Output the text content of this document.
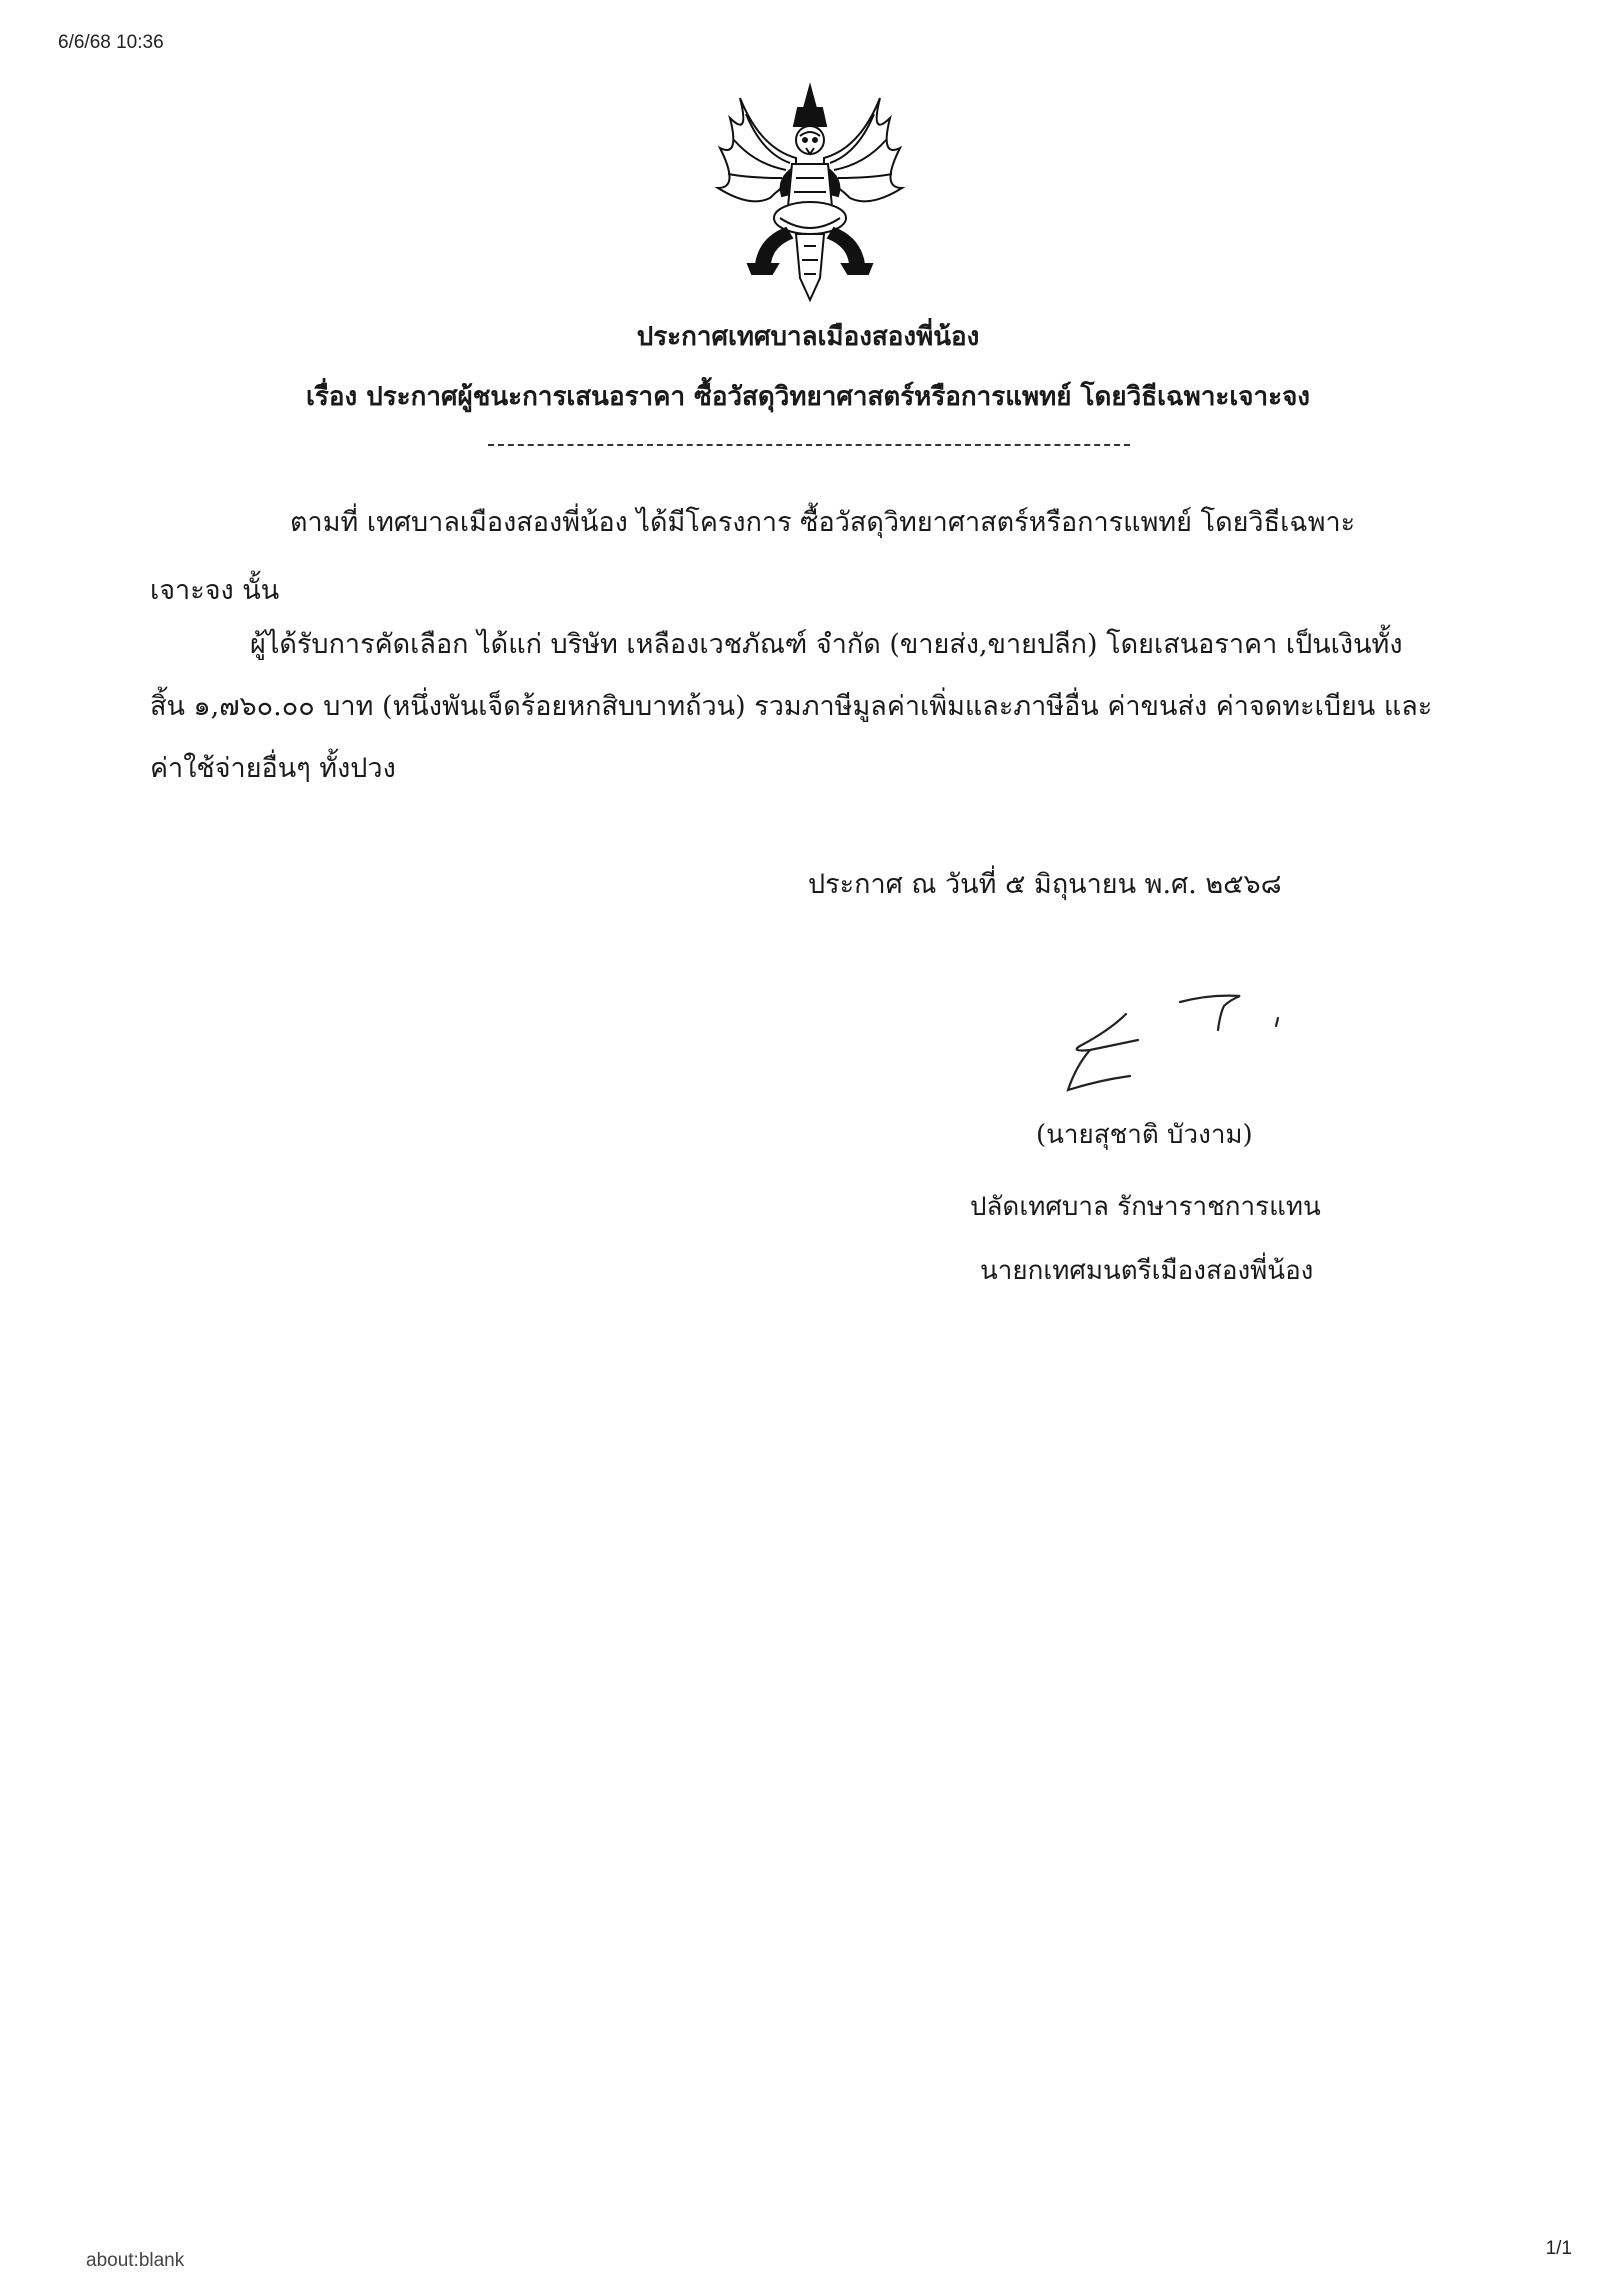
6/6/68 10:36
ประกาศเทศบาลเมืองสองพี่น้อง
เรื่อง ประกาศผู้ชนะการเสนอราคา ซื้อวัสดุวิทยาศาสตร์หรือการแพทย์ โดยวิธีเฉพาะเจาะจง
ตามที่ เทศบาลเมืองสองพี่น้อง ได้มีโครงการ ซื้อวัสดุวิทยาศาสตร์หรือการแพทย์ โดยวิธีเฉพาะ
เจาะจง นั้น
ผู้ได้รับการคัดเลือก ได้แก่ บริษัท เหลืองเวชภัณฑ์ จำกัด (ขายส่ง,ขายปลีก) โดยเสนอราคา เป็นเงินทั้ง
สิ้น ๑,๗๖๐.๐๐ บาท (หนึ่งพันเจ็ดร้อยหกสิบบาทถ้วน) รวมภาษีมูลค่าเพิ่มและภาษีอื่น ค่าขนส่ง ค่าจดทะเบียน และ
ค่าใช้จ่ายอื่นๆ ทั้งปวง
ประกาศ ณ วันที่ ๕ มิถุนายน พ.ศ. ๒๕๖๘
(นายสุชาติ บัวงาม)
ปลัดเทศบาล รักษาราชการแทน
นายกเทศมนตรีเมืองสองพี่น้อง
about:blank
1/1
